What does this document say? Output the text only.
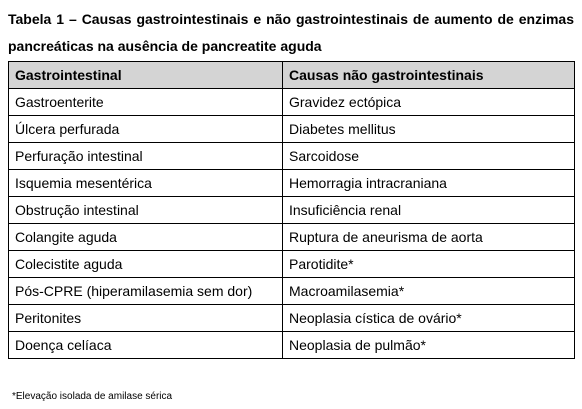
Tabela 1 – Causas gastrointestinais e não gastrointestinais de aumento de enzimas pancreáticas na ausência de pancreatite aguda
Gastrointestinal	Causas não gastrointestinais
Gastroenterite	Gravidez ectópica
Úlcera perfurada	Diabetes mellitus
Perfuração intestinal	Sarcoidose
Isquemia mesentérica	Hemorragia intracraniana
Obstrução intestinal	Insuficiência renal
Colangite aguda	Ruptura de aneurisma de aorta
Colecistite aguda	Parotidite*
Pós-CPRE (hiperamilasemia sem dor)	Macroamilasemia*
Peritonites	Neoplasia cística de ovário*
Doença celíaca	Neoplasia de pulmão*
*Elevação isolada de amilase sérica
